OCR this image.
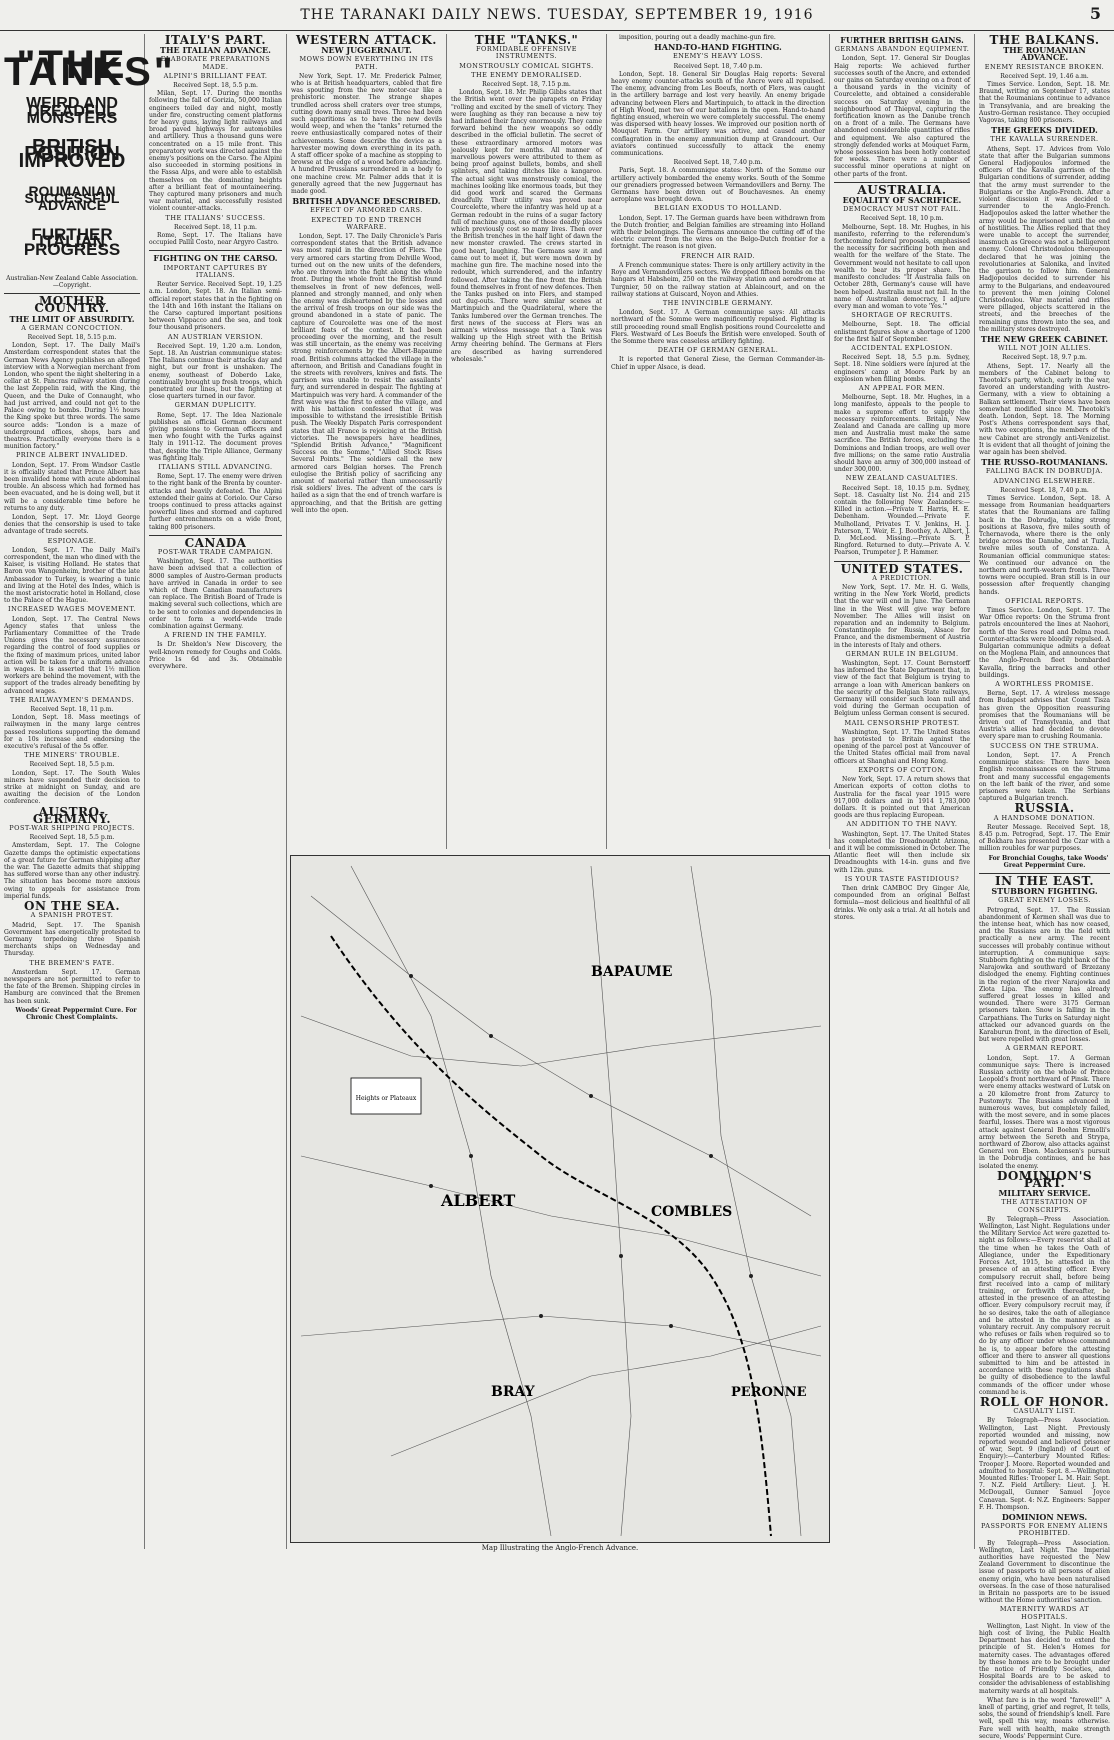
THE TARANAKI DAILY NEWS. TUESDAY, SEPTEMBER 19, 1916	5
"THE TANKS"
WEIRD AND DREADFUL MONSTERS
BRITISH POSITION IMPROVED
ROUMANIAN SUCCESSFUL ADVANCE
FURTHER ITALIAN PROGRESS
Australian-New Zealand Cable Association.—Copyright.
MOTHER COUNTRY.
THE LIMIT OF ABSURDITY.
A GERMAN CONCOCTION.

Received Sept. 18, 5.15 p.m.

London, Sept. 17. The Daily Mail's Amsterdam correspondent states that the German News Agency publishes an alleged interview with a Norwegian merchant from London, who spent the night sheltering in a cellar at St. Pancras railway station during the last Zeppelin raid, with the King, the Queen, and the Duke of Connaught, who had just arrived, and could not get to the Palace owing to bombs. During 1½ hours the King spoke but three words. The same source adds: "London is a maze of underground offices, shops, bars and theatres. Practically everyone there is a munition factory."

PRINCE ALBERT INVALIDED.

London, Sept. 17. From Windsor Castle it is officially stated that Prince Albert has been invalided home with acute abdominal trouble. An abscess which had formed has been evacuated, and he is doing well, but it will be a considerable time before he returns to any duty.

London, Sept. 17. Mr. Lloyd George denies that the censorship is used to take advantage of trade secrets.

ESPIONAGE.

London, Sept. 17. The Daily Mail's correspondent, the man who dined with the Kaiser, is visiting Holland. He states that Baron von Wangenheim, brother of the late Ambassador to Turkey, is wearing a tunic and living at the Hotel des Indes, which is the most aristocratic hotel in Holland, close to the Palace of the Hague.

INCREASED WAGES MOVEMENT.

London, Sept. 17. The Central News Agency states that unless the Parliamentary Committee of the Trade Unions gives the necessary assurances regarding the control of food supplies or the fixing of maximum prices, united labor action will be taken for a uniform advance in wages. It is asserted that 1½ million workers are behind the movement, with the support of the trades already benefiting by advanced wages.

THE RAILWAYMEN'S DEMANDS.

Received Sept. 18, 11 p.m.

London, Sept. 18. Mass meetings of railwaymen in the many large centres passed resolutions supporting the demand for a 10s increase and endorsing the executive's refusal of the 5s offer.

THE MINERS' TROUBLE.

Received Sept. 18, 5.5 p.m.

London, Sept. 17. The South Wales miners have suspended their decision to strike at midnight on Sunday, and are awaiting the decision of the London conference.

AUSTRO-GERMANY.
POST-WAR SHIPPING PROJECTS.

Received Sept. 18, 5.5 p.m.

Amsterdam, Sept. 17. The Cologne Gazette damps the optimistic expectations of a great future for German shipping after the war. The Gazette admits that shipping has suffered worse than any other industry. The situation has become more anxious owing to appeals for assistance from imperial funds.

ON THE SEA.
A SPANISH PROTEST.

Madrid, Sept. 17. The Spanish Government has energetically protested to Germany torpedoing three Spanish merchants ships on Wednesday and Thursday.

THE BREMEN'S FATE.

Amsterdam Sept. 17. German newspapers are not permitted to refer to the fate of the Bremen. Shipping circles in Hamburg are convinced that the Bremen has been sunk.

Woods' Great Peppermint Cure. For Chronic Chest Complaints.

ITALY'S PART.
THE ITALIAN ADVANCE.
ELABORATE PREPARATIONS MADE.
ALPINI'S BRILLIANT FEAT.

Received Sept. 18, 5.5 p.m.

Milan, Sept. 17. During the months following the fall of Gorizia, 50,000 Italian engineers toiled day and night, mostly under fire, constructing cement platforms for heavy guns, laying light railways and broad paved highways for automobiles and artillery. Thus a thousand guns were concentrated on a 15 mile front. This preparatory work was directed against the enemy's positions on the Carso. The Alpini also succeeded in storming positions in the Fassa Alps, and were able to establish themselves on the dominating heights after a brilliant feat of mountaineering. They captured many prisoners and much war material, and successfully resisted violent counter-attacks.

THE ITALIANS' SUCCESS.

Received Sept. 18, 11 p.m.

Rome, Sept. 17. The Italians have occupied Pallil Costo, near Argyro Castro.

FIGHTING ON THE CARSO.
IMPORTANT CAPTURES BY ITALIANS.

Reuter Service. Received Sept. 19, 1.25 a.m. London, Sept. 18. An Italian semi-official report states that in the fighting on the 14th and 16th instant the Italians on the Carso captured important positions between Vippacco and the sea, and took four thousand prisoners.

AN AUSTRIAN VERSION.

Received Sept. 19, 1.20 a.m. London, Sept. 18. An Austrian communique states: The Italians continue their attacks day and night, but our front is unshaken. The enemy, southeast of Doberdo Lake, continually brought up fresh troops, which penetrated our lines, but the fighting at close quarters turned in our favor.

GERMAN DUPLICITY.

Rome, Sept. 17. The Idea Nazionale publishes an official German document giving pensions to German officers and men who fought with the Turks against Italy in 1911-12. The document proves that, despite the Triple Alliance, Germany was fighting Italy.

ITALIANS STILL ADVANCING.

Rome, Sept. 17. The enemy were driven to the right bank of the Brenta by counter-attacks and heavily defeated. The Alpini extended their gains at Coriolo. Our Carso troops continued to press attacks against powerful lines and stormed and captured further entrenchments on a wide front, taking 800 prisoners.

CANADA
POST-WAR TRADE CAMPAIGN.

Washington, Sept. 17. The authorities have been advised that a collection of 8000 samples of Austro-German products have arrived in Canada in order to see which of them Canadian manufacturers can replace. The British Board of Trade is making several such collections, which are to be sent to colonies and dependencies in order to form a world-wide trade combination against Germany.

A FRIEND IN THE FAMILY.

Is Dr. Sheldon's New Discovery, the well-known remedy for Coughs and Colds. Price 1s 6d and 3s. Obtainable everywhere.

WESTERN ATTACK.
NEW JUGGERNAUT.
MOWS DOWN EVERYTHING IN ITS PATH.

New York, Sept. 17. Mr. Frederick Palmer, who is at British headquarters, cabled that fire was spouting from the new motor-car like a prehistoric monster. The strange shapes trundled across shell craters over tree stumps, cutting down many small trees. Three had been such apparitions as to have the new devils would weep, and when the "tanks" returned the reeve enthusiastically compared notes of their achievements. Some describe the device as a harvester mowing down everything in its path. A staff officer spoke of a machine as stopping to browse at the edge of a wood before advancing. A hundred Prussians surrendered in a body to one machine crew. Mr. Palmer adds that it is generally agreed that the new Juggernaut has made good.

BRITISH ADVANCE DESCRIBED.
EFFECT OF ARMORED CARS.
EXPECTED TO END TRENCH WARFARE.

London, Sept. 17. The Daily Chronicle's Paris correspondent states that the British advance was most rapid in the direction of Flers. The very armored cars starting from Delville Wood, turned out on the new units of the defenders, who are thrown into the fight along the whole front. During the whole front the British found themselves in front of new defences, well-planned and strongly manned, and only when the enemy was disheartened by the losses and the arrival of fresh troops on our side was the ground abandoned in a state of panic. The capture of Courcelette was one of the most brilliant feats of the contest. It had been proceeding over the morning, and the result was still uncertain, as the enemy was receiving strong reinforcements by the Albert-Bapaume road. British columns attacked the village in the afternoon, and British and Canadians fought in the streets with revolvers, knives and fists. The garrison was unable to resist the assailants' fury, and surrendered in despair. The fighting at Martinpuich was very hard. A commander of the first wave was the first to enter the village, and with his battalion confessed that it was impossible to withstand the irresistible British push. The Weekly Dispatch Paris correspondent states that all France is rejoicing at the British victories. The newspapers have headlines, "Splendid British Advance," "Magnificent Success on the Somme," "Allied Stock Rises Several Points." The soldiers call the new armored cars Belgian horses. The French eulogise the British policy of sacrificing any amount of material rather than unnecessarily risk soldiers' lives. The advent of the cars is hailed as a sign that the end of trench warfare is approaching, and that the British are getting well into the open.

THE "TANKS."
FORMIDABLE OFFENSIVE INSTRUMENTS.
MONSTROUSLY COMICAL SIGHTS.
THE ENEMY DEMORALISED.

Received Sept. 18, 7.15 p.m.

London, Sept. 18. Mr. Philip Gibbs states that the British went over the parapets on Friday "rolling and excited by the smell of victory. They were laughing as they ran because a new toy had inflamed their fancy enormously. They came forward behind the new weapons so oddly described in the official bulletin. The secret of these extraordinary armored motors was jealously kept for months. All manner of marvellous powers were attributed to them as being proof against bullets, bombs, and shell splinters, and taking ditches like a kangaroo. The actual sight was monstrously comical, the machines looking like enormous toads, but they did good work and scared the Germans dreadfully. Their utility was proved near Courcelette, where the infantry was held up at a German redoubt in the ruins of a sugar factory full of machine guns, one of those deadly places which previously cost so many lives. Then over the British trenches in the half light of dawn the new monster crawled. The crews started in good heart, laughing. The Germans saw it and came out to meet it, but were mown down by machine gun fire. The machine nosed into the redoubt, which surrendered, and the infantry followed. After taking the fine front the British found themselves in front of new defences. Then the Tanks pushed on into Flers, and stamped out dug-outs. There were similar scenes at Martinpuich and the Quadrilateral, where the Tanks lumbered over the German trenches. The first news of the success at Flers was an airman's wireless message that a Tank was walking up the High street with the British Army cheering behind. The Germans at Flers are described as having surrendered wholesale."

imposition, pouring out a deadly machine-gun fire.

HAND-TO-HAND FIGHTING.
ENEMY'S HEAVY LOSS.

Received Sept. 18, 7.40 p.m.

London, Sept. 18. General Sir Douglas Haig reports: Several heavy enemy counter-attacks south of the Ancre were all repulsed. The enemy, advancing from Les Boeufs, north of Flers, was caught in the artillery barrage and lost very heavily. An enemy brigade advancing between Flers and Martinpuich, to attack in the direction of High Wood, met two of our battalions in the open. Hand-to-hand fighting ensued, wherein we were completely successful. The enemy was dispersed with heavy losses. We improved our position north of Mouquet Farm. Our artillery was active, and caused another conflagration in the enemy ammunition dump at Grandcourt. Our aviators continued successfully to attack the enemy communications.

Received Sept. 18, 7.40 p.m.

Paris, Sept. 18. A communique states: North of the Somme our artillery actively bombarded the enemy works. South of the Somme our grenadiers progressed between Vermandovillers and Berny. The Germans have been driven out of Bouchavesnes. An enemy aeroplane was brought down.

BELGIAN EXODUS TO HOLLAND.

London, Sept. 17. The German guards have been withdrawn from the Dutch frontier, and Belgian families are streaming into Holland with their belongings. The Germans announce the cutting off of the electric current from the wires on the Belgo-Dutch frontier for a fortnight. The reason is not given.

FRENCH AIR RAID.

A French communique states: There is only artillery activity in the Roye and Vermandovillers sectors. We dropped fifteen bombs on the hangars at Habsheim, 250 on the railway station and aerodrome at Turgnier, 50 on the railway station at Ablaincourt, and on the railway stations at Guiscard, Noyon and Athies.

THE INVINCIBLE GERMANY.

London, Sept. 17. A German communique says: All attacks northward of the Somme were magnificently repulsed. Fighting is still proceeding round small English positions round Courcelette and Flers. Westward of Les Boeufs the British were enveloped. South of the Somme there was ceaseless artillery fighting.

DEATH OF GERMAN GENERAL.

It is reported that General Ziese, the German Commander-in-Chief in upper Alsace, is dead.

FURTHER BRITISH GAINS.
GERMANS ABANDON EQUIPMENT.

London, Sept. 17. General Sir Douglas Haig reports: We achieved further successes south of the Ancre, and extended our gains on Saturday evening on a front of a thousand yards in the vicinity of Courcelette, and obtained a considerable success on Saturday evening in the neighbourhood of Thiepval, capturing the fortification known as the Danube trench on a front of a mile. The Germans have abandoned considerable quantities of rifles and equipment. We also captured the strongly defended works at Mouquet Farm, whose possession has been hotly contested for weeks. There were a number of successful minor operations at night on other parts of the front.

AUSTRALIA.
EQUALITY OF SACRIFICE.
DEMOCRACY MUST NOT FAIL.

Received Sept. 18, 10 p.m.

Melbourne, Sept. 18. Mr. Hughes, in his manifesto, referring to the referendum's forthcoming federal proposals, emphasised the necessity for sacrificing both men and wealth for the welfare of the State. The Government would not hesitate to call upon wealth to bear its proper share. The manifesto concludes: "If Australia fails on October 28th, Germany's cause will have been helped. Australia must not fail. In the name of Australian democracy, I adjure every man and woman to vote 'Yes.'"

SHORTAGE OF RECRUITS.

Melbourne, Sept. 18. The official enlistment figures show a shortage of 1200 for the first half of September.

ACCIDENTAL EXPLOSION.

Received Sept. 18, 5.5 p.m. Sydney, Sept. 18. Nine soldiers were injured at the engineers' camp at Moore Park by an explosion when filling bombs.

AN APPEAL FOR MEN.

Melbourne, Sept. 18. Mr. Hughes, in a long manifesto, appeals to the people to make a supreme effort to supply the necessary reinforcements. Britain, New Zealand and Canada are calling up more men and Australia must make the same sacrifice. The British forces, excluding the Dominions and Indian troops, are well over five millions; on the same ratio Australia should have an army of 300,000 instead of under 300,000.

NEW ZEALAND CASUALTIES.

Received Sept. 18, 10.15 p.m. Sydney, Sept. 18. Casualty list No. 214 and 215 contain the following New Zealanders:— Killed in action.—Private T. Harris, H. E. Debenham. Wounded.—Private F. Mulholland, Privates T. V. Jenkins, H. J. Paterson, T. Weir, E. J. Boothey, A. Albert, J. D. McLeod. Missing.—Private S. P. Ringford. Returned to duty.—Private A. V. Pearson, Trumpeter J. P. Hammer.

UNITED STATES.
A PREDICTION.

New York, Sept. 17. Mr. H. G. Wells, writing in the New York World, predicts that the war will end in June. The German line in the West will give way before November. The Allies will insist on reparation and an indemnity to Belgium. Constantinople for Russia, Alsace for France, and the dismemberment of Austria in the interests of Italy and others.

GERMAN RULE IN BELGIUM.

Washington, Sept. 17. Count Bernstorff has informed the State Department that, in view of the fact that Belgium is trying to arrange a loan with American bankers on the security of the Belgian State railways, Germany will consider such loan null and void during the German occupation of Belgium unless German consent is secured.

MAIL CENSORSHIP PROTEST.

Washington, Sept. 17. The United States has protested to Britain against the opening of the parcel post at Vancouver of the United States official mail from naval officers at Shanghai and Hong Kong.

EXPORTS OF COTTON.

New York, Sept. 17. A return shows that American exports of cotton cloths to Australia for the fiscal year 1915 were 917,000 dollars and in 1914 1,783,000 dollars. It is pointed out that American goods are thus replacing European.

AN ADDITION TO THE NAVY.

Washington, Sept. 17. The United States has completed the Dreadnought Arizona, and it will be commissioned in October. The Atlantic fleet will then include six Dreadnoughts with 14-in. guns and five with 12in. guns.

IS YOUR TASTE FASTIDIOUS?

Then drink CAMBOC Dry Ginger Ale, compounded from an original Belfast formula—most delicious and healthful of all drinks. We only ask a trial. At all hotels and stores.

THE BALKANS.
THE ROUMANIAN ADVANCE.
ENEMY RESISTANCE BROKEN.

Received Sept. 19, 1.46 a.m.

Times Service. London, Sept. 18. Mr. Braund, writing on September 17, states that the Roumanians continue to advance in Transylvania, and are breaking the Austro-German resistance. They occupied Vagovas, taking 800 prisoners.

THE GREEKS DIVIDED.
THE KAVALLA SURRENDER.

Athens, Sept. 17. Advices from Volo state that after the Bulgarian summons General Hadjopoulos informed the officers of the Kavalla garrison of the Bulgarian conditions of surrender, adding that the army must surrender to the Bulgarians or the Anglo-French. After a violent discussion it was decided to surrender to the Anglo-French. Hadjopoulos asked the latter whether the army would be imprisoned until the end of hostilities. The Allies replied that they were unable to accept the surrender, inasmuch as Greece was not a belligerent enemy. Colonel Christodoulou thereupon declared that he was joining the revolutionaries at Salonika, and invited the garrison to follow him. General Hadjopoulos decided to surrender his army to the Bulgarians, and endeavoured to prevent the men joining Colonel Christodoulou. War material and rifles were pillaged, objects scattered in the streets, and the breeches of the remaining guns thrown into the sea, and the military stores destroyed.

THE NEW GREEK CABINET.
WILL NOT JOIN ALLIES.

Received Sept. 18, 9.7 p.m.

Athens, Sept. 17. Nearly all the members of the Cabinet belong to Theotoki's party, which, early in the war, favored an understanding with Austro-Germany, with a view to obtaining a Balkan settlement. Their views have been somewhat modified since M. Theotoki's death. London, Sept. 18. The Morning Post's Athens correspondent says that, with two exceptions, the members of the new Cabinet are strongly anti-Venizelist. It is evident that all thought of joining the war again has been shelved.

THE RUSSO-ROUMANIANS.
FALLING BACK IN DOBRUDJA.
ADVANCING ELSEWHERE.

Received Sept. 18, 7.40 p.m.

Times Service. London, Sept. 18. A message from Roumanian headquarters states that the Roumanians are falling back in the Dobrudja, taking strong positions at Rasova, five miles south of Tchernavoda, where there is the only bridge across the Danube, and at Tuzla, twelve miles south of Constanza. A Roumanian official communique states: We continued our advance on the northern and north-western fronts. Three towns were occupied. Bran still is in our possession after frequently changing hands.

OFFICIAL REPORTS.

Times Service. London, Sept. 17. The War Office reports: On the Struma front patrols encountered the lines at Naohori, north of the Seres road and Dolma road. Counter-attacks were bloodily repulsed. A Bulgarian communique admits a defeat on the Moglena Plain, and announces that the Anglo-French fleet bombarded Kavalla, firing the barracks and other buildings.

A WORTHLESS PROMISE.

Berne, Sept. 17. A wireless message from Budapest advises that Count Tisza has given the Opposition reassuring promises that the Roumanians will be driven out of Transylvania, and that Austria's allies had decided to devote every spare man to crushing Roumania.

SUCCESS ON THE STRUMA.

London, Sept. 17. A French communique states: There have been English reconnaissances on the Struma front and many successful engagements on the left bank of the river, and some prisoners were taken. The Serbians captured a Bulgarian trench.

RUSSIA.
A HANDSOME DONATION.

Reuter Message. Received Sept. 18, 8.45 p.m. Petrograd, Sept. 17. The Emir of Bokhara has presented the Czar with a million roubles for war purposes.

For Bronchial Coughs, take Woods' Great Peppermint Cure.

IN THE EAST.
STUBBORN FIGHTING.
GREAT ENEMY LOSSES.

Petrograd, Sept. 17. The Russian abandonment of Kermen shall was due to the intense heat, which has now ceased, and the Russians are in the field with practically a new army. The recent successes will probably continue without interruption. A communique says: Stubborn fighting on the right bank of the Narajowka and southward of Brzezany dislodged the enemy. Fighting continues in the region of the river Narajowka and Zlota Lipa. The enemy has already suffered great losses in killed and wounded. There were 3175 German prisoners taken. Snow is falling in the Carpathians. The Turks on Saturday night attacked our advanced guards on the Karaburun front, in the direction of Eseli, but were repelled with great losses.

A GERMAN REPORT.

London, Sept. 17. A German communique says: There is increased Russian activity on the whole of Prince Leopold's front northward of Pinsk. There were enemy attacks westward of Lutsk on a 20 kilometre front from Zaturcy to Pustomyty. The Russians advanced in numerous waves, but completely failed, with the most severe, and in some places fearful, losses. There was a most vigorous attack against General Boehm Ermolli's army between the Sereth and Strypa, northward of Zborow, also attacks against General von Eben. Mackensen's pursuit in the Dobrudja continues, and he has isolated the enemy.

DOMINION'S PART.
MILITARY SERVICE.
THE ATTESTATION OF CONSCRIPTS.

By Telegraph—Press Association. Wellington, Last Night. Regulations under the Military Service Act were gazetted to-night as follows:—Every reservist shall at the time when he takes the Oath of Allegiance, under the Expeditionary Forces Act, 1915, be attested in the presence of an attesting officer. Every compulsory recruit shall, before being first received into a camp of military training, or forthwith thereafter, be attested in the presence of an attesting officer. Every compulsory recruit may, if he so desires, take the oath of allegiance and be attested in the manner as a voluntary recruit. Any compulsory recruit who refuses or fails when required so to do by any officer under whose command he is, to appear before the attesting officer and there to answer all questions submitted to him and be attested in accordance with these regulations shall be guilty of disobedience to the lawful commands of the officer under whose command he is.

ROLL OF HONOR.
CASUALTY LIST.

By Telegraph—Press Association. Wellington, Last Night. Previously reported wounded and missing, now reported wounded and believed prisoner of war, Sept. 9 (Ingland) of Court of Enquiry):—Canterbury Mounted Rifles: Trooper J. Moore. Reported wounded and admitted to hospital: Sept. 8.—Wellington Mounted Rifles: Trooper L. M. Hair. Sept. 7. N.Z. Field Artillery: Lieut. J. H. McDougall, Gunner Samuel Joyce Canavan. Sept. 4: N.Z. Engineers: Sapper F. H. Thompson.

DOMINION NEWS.
PASSPORTS FOR ENEMY ALIENS PROHIBITED.

By Telegraph—Press Association. Wellington, Last Night. The Imperial authorities have requested the New Zealand Government to discontinue the issue of passports to all persons of alien enemy origin, who have been naturalised overseas. In the case of those naturalised in Britain no passports are to be issued without the Home authorities' sanction.

MATERNITY WARDS AT HOSPITALS.

Wellington, Last Night. In view of the high cost of living, the Public Health Department has decided to extend the principle of St. Helen's Homes for maternity cases. The advantages offered by these homes are to be brought under the notice of Friendly Societies, and Hospital Boards are to be asked to consider the advisableness of establishing maternity wards at all hospitals.

What fare is in the word "farewell!" A knell of parting, grief and regret, It tells, sobs, the sound of friendship's knell. Fare well, spell this way, means otherwise. Fare well with health, make strength secure, Woods' Peppermint Cure.

Heights or Plateaux
ALBERT
BAPAUME
COMBLES
BRAY	PERONNE
Map Illustrating the Anglo-French Advance.
